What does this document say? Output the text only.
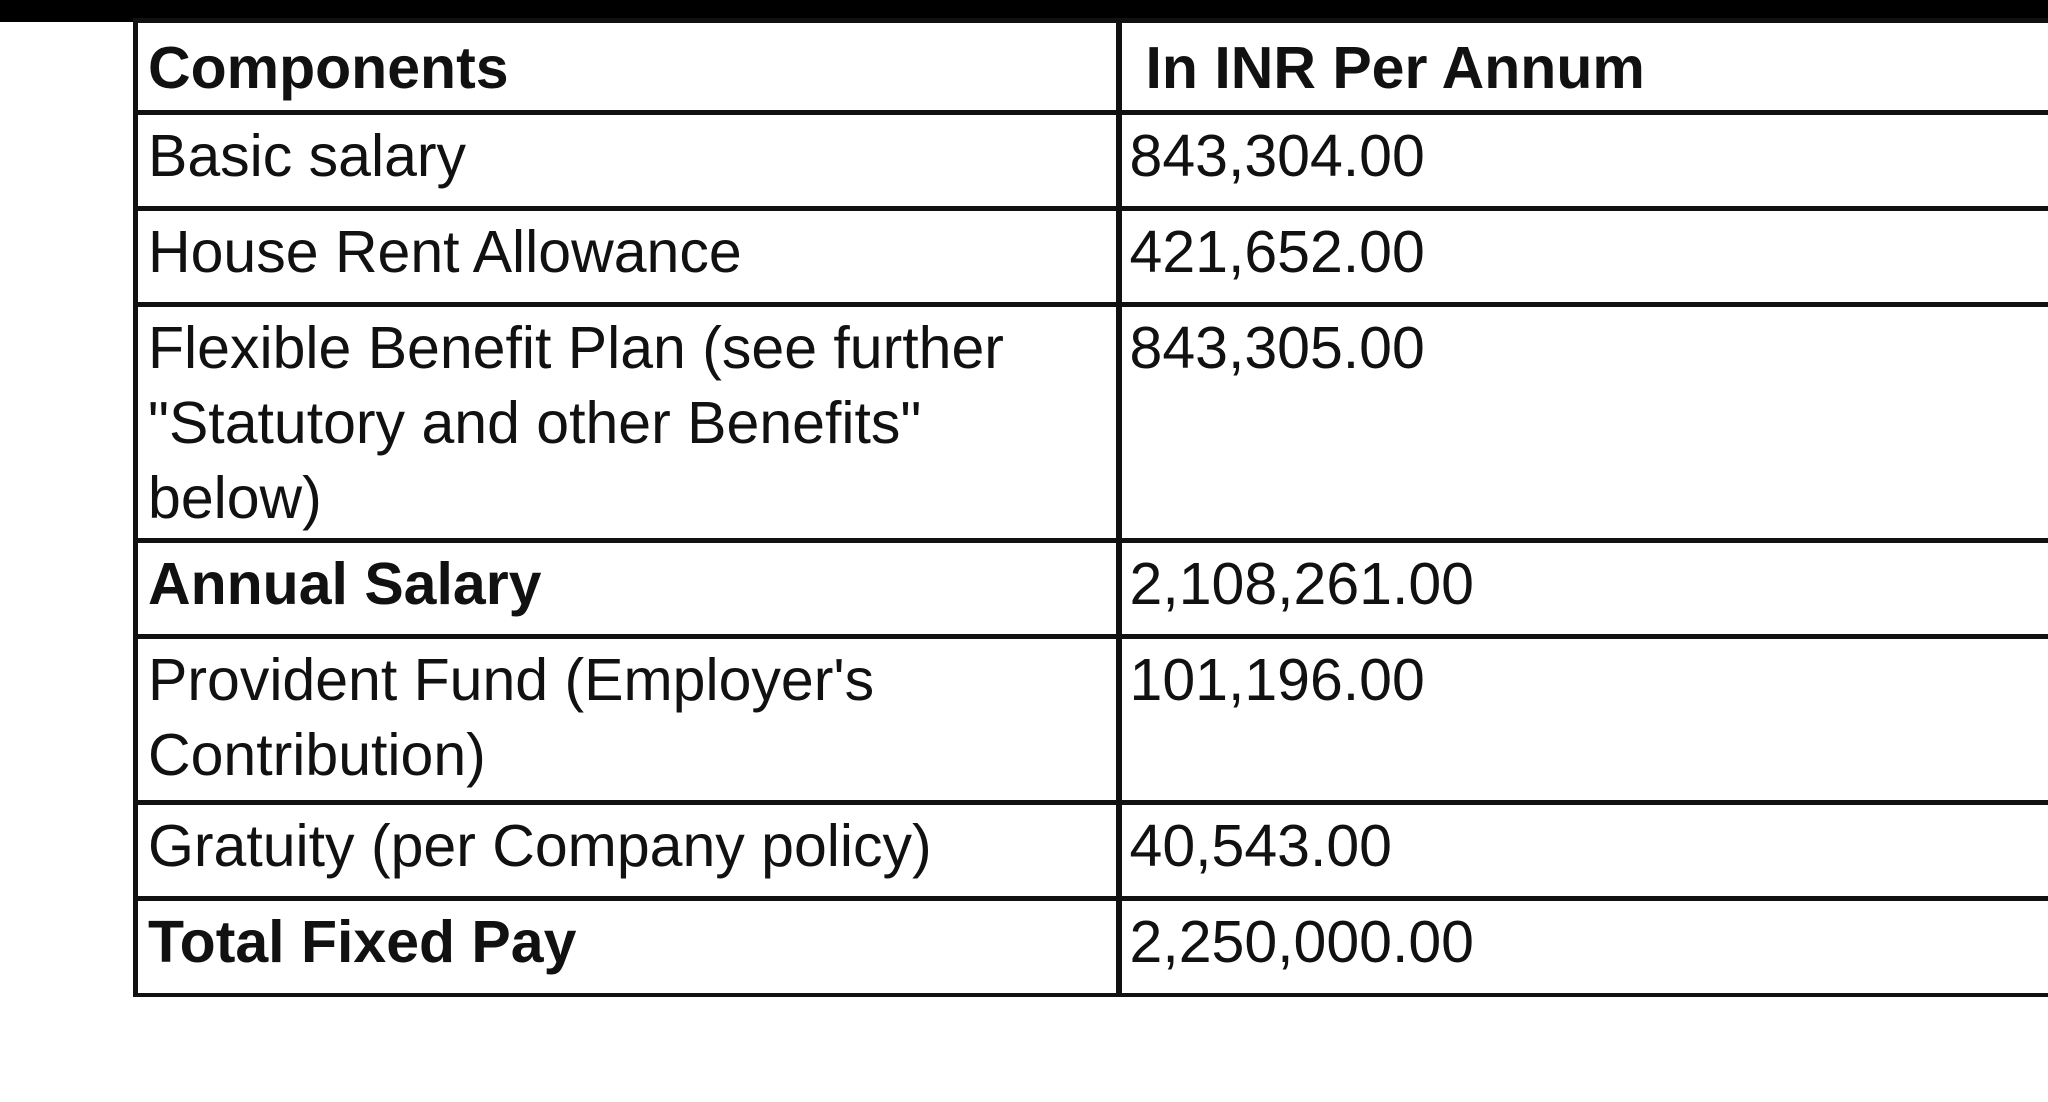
Components	In INR Per Annum
Basic salary	843,304.00
House Rent Allowance	421,652.00
Flexible Benefit Plan (see further "Statutory and other Benefits" below)	843,305.00
Annual Salary	2,108,261.00
Provident Fund (Employer's Contribution)	101,196.00
Gratuity (per Company policy)	40,543.00
Total Fixed Pay	2,250,000.00
